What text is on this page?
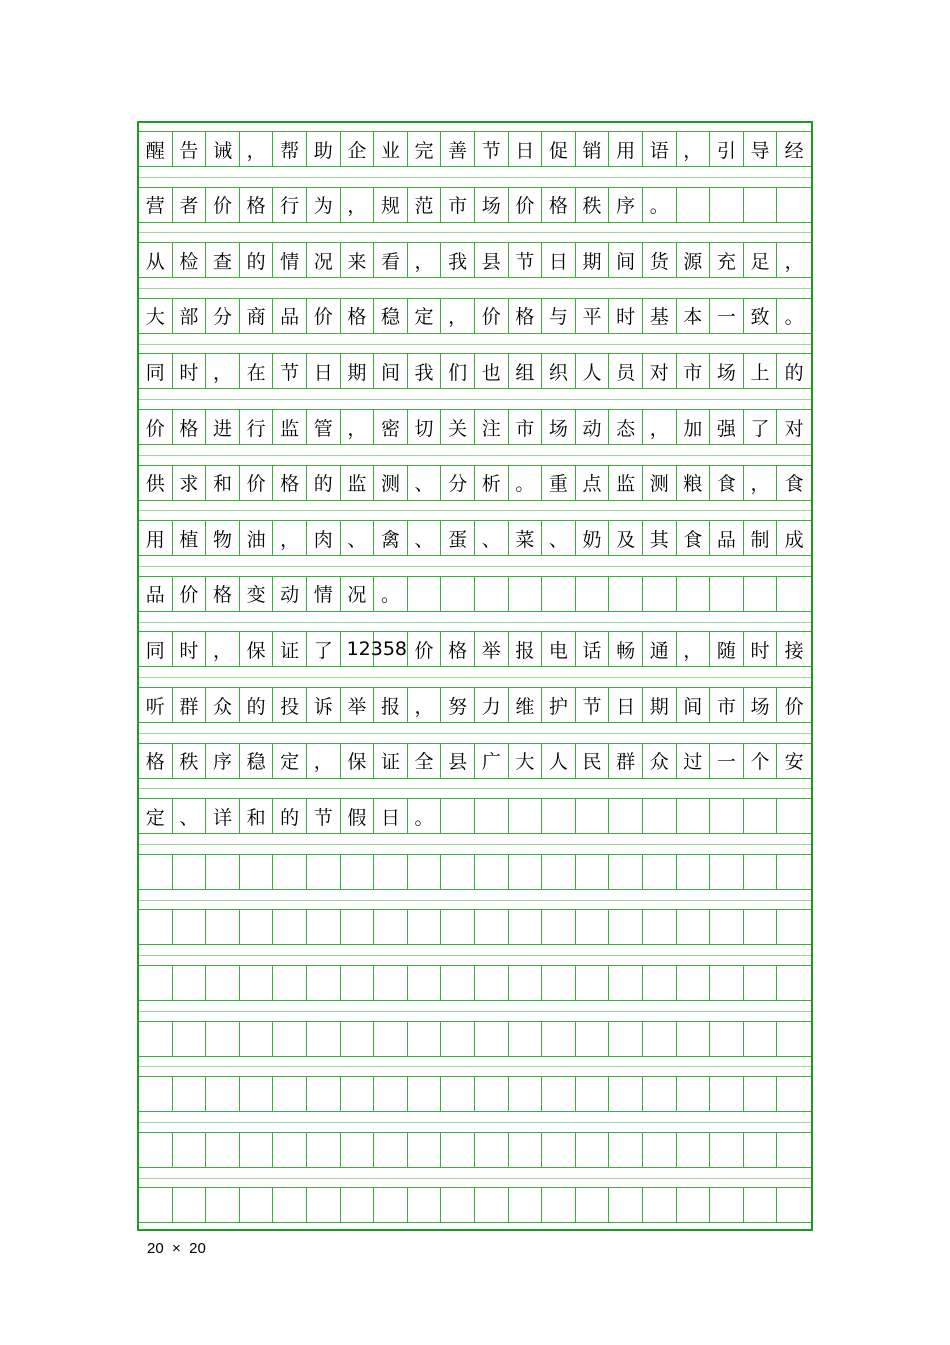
醒 告 诫 ， 帮 助 企 业 完 善 节 日 促 销 用 语 ， 引 导 经
营 者 价 格 行 为 ， 规 范 市 场 价 格 秩 序 。
从 检 查 的 情 况 来 看 ， 我 县 节 日 期 间 货 源 充 足 ，
大 部 分 商 品 价 格 稳 定 ， 价 格 与 平 时 基 本 一 致 。
同 时 ， 在 节 日 期 间 我 们 也 组 织 人 员 对 市 场 上 的
价 格 进 行 监 管 ， 密 切 关 注 市 场 动 态 ， 加 强 了 对
供 求 和 价 格 的 监 测 、 分 析 。 重 点 监 测 粮 食 ， 食
用 植 物 油 ， 肉 、 禽 、 蛋 、 菜 、 奶 及 其 食 品 制 成
品 价 格 变 动 情 况 。
同 时 ， 保 证 了 12358 价 格 举 报 电 话 畅 通 ， 随 时 接
听 群 众 的 投 诉 举 报 ， 努 力 维 护 节 日 期 间 市 场 价
格 秩 序 稳 定 ， 保 证 全 县 广 大 人 民 群 众 过 一 个 安
定 、 详 和 的 节 假 日 。
20  ×  20
